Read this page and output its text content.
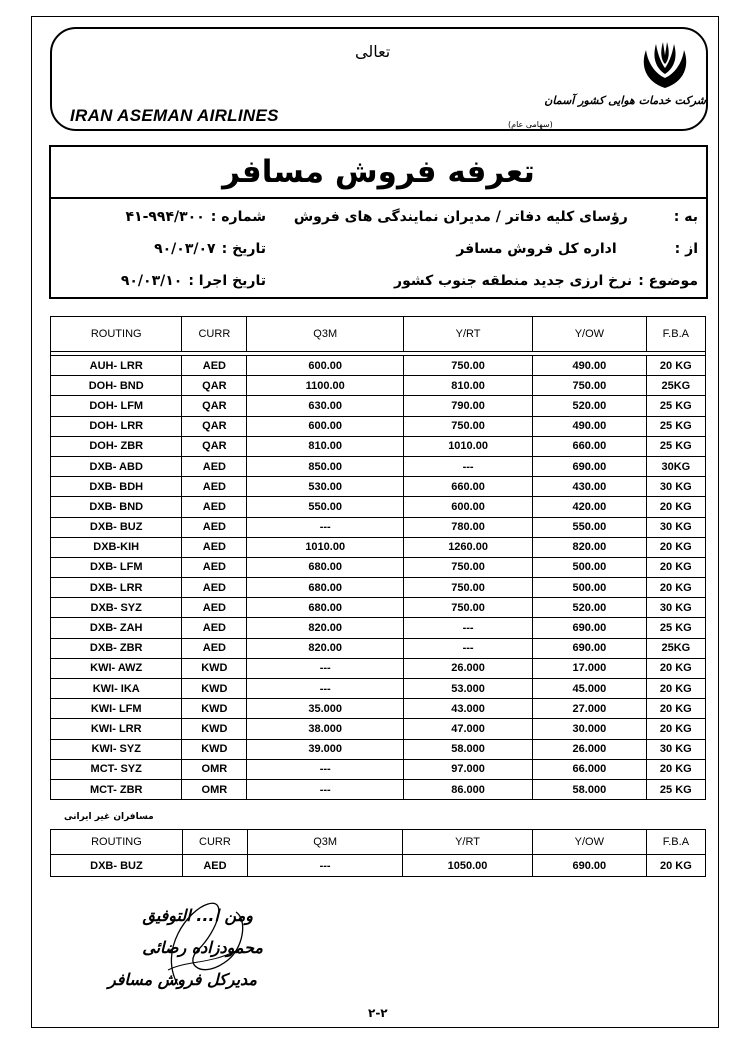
تعالی
IRAN ASEMAN AIRLINES
شرکت خدمات هوایی کشور آسمان
(سهامی عام)
تعرفه فروش مسافر
به :رؤسای کلیه دفاتر / مدیران نمایندگی های فروش
از :اداره کل فروش مسافر
موضوع :نرخ ارزی جدید منطقه جنوب کشور
شماره :۹۹۴/۳۰۰-۴۱
تاریخ :۹۰/۰۳/۰۷
تاریخ اجرا :۹۰/۰۳/۱۰
ROUTING	CURR	Q3M	Y/RT	Y/OW	F.B.A

AUH- LRR	AED	600.00	750.00	490.00	20 KG
DOH- BND	QAR	1100.00	810.00	750.00	25KG
DOH- LFM	QAR	630.00	790.00	520.00	25 KG
DOH- LRR	QAR	600.00	750.00	490.00	25 KG
DOH- ZBR	QAR	810.00	1010.00	660.00	25 KG
DXB- ABD	AED	850.00	---	690.00	30KG
DXB- BDH	AED	530.00	660.00	430.00	30 KG
DXB- BND	AED	550.00	600.00	420.00	20 KG
DXB- BUZ	AED	---	780.00	550.00	30 KG
DXB-KIH	AED	1010.00	1260.00	820.00	20 KG
DXB- LFM	AED	680.00	750.00	500.00	20 KG
DXB- LRR	AED	680.00	750.00	500.00	20 KG
DXB- SYZ	AED	680.00	750.00	520.00	30 KG
DXB- ZAH	AED	820.00	---	690.00	25 KG
DXB- ZBR	AED	820.00	---	690.00	25KG
KWI- AWZ	KWD	---	26.000	17.000	20 KG
KWI- IKA	KWD	---	53.000	45.000	20 KG
KWI- LFM	KWD	35.000	43.000	27.000	20 KG
KWI- LRR	KWD	38.000	47.000	30.000	20 KG
KWI- SYZ	KWD	39.000	58.000	26.000	30 KG
MCT- SYZ	OMR	---	97.000	66.000	20 KG
MCT- ZBR	OMR	---	86.000	58.000	25 KG
مسافران غیر ایرانی
ROUTING	CURR	Q3M	Y/RT	Y/OW	F.B.A
DXB- BUZ	AED	---	1050.00	690.00	20 KG
ومن ا... التوفیق
محمودزاده رضائی
مدیرکل فروش مسافر
۲-۲
